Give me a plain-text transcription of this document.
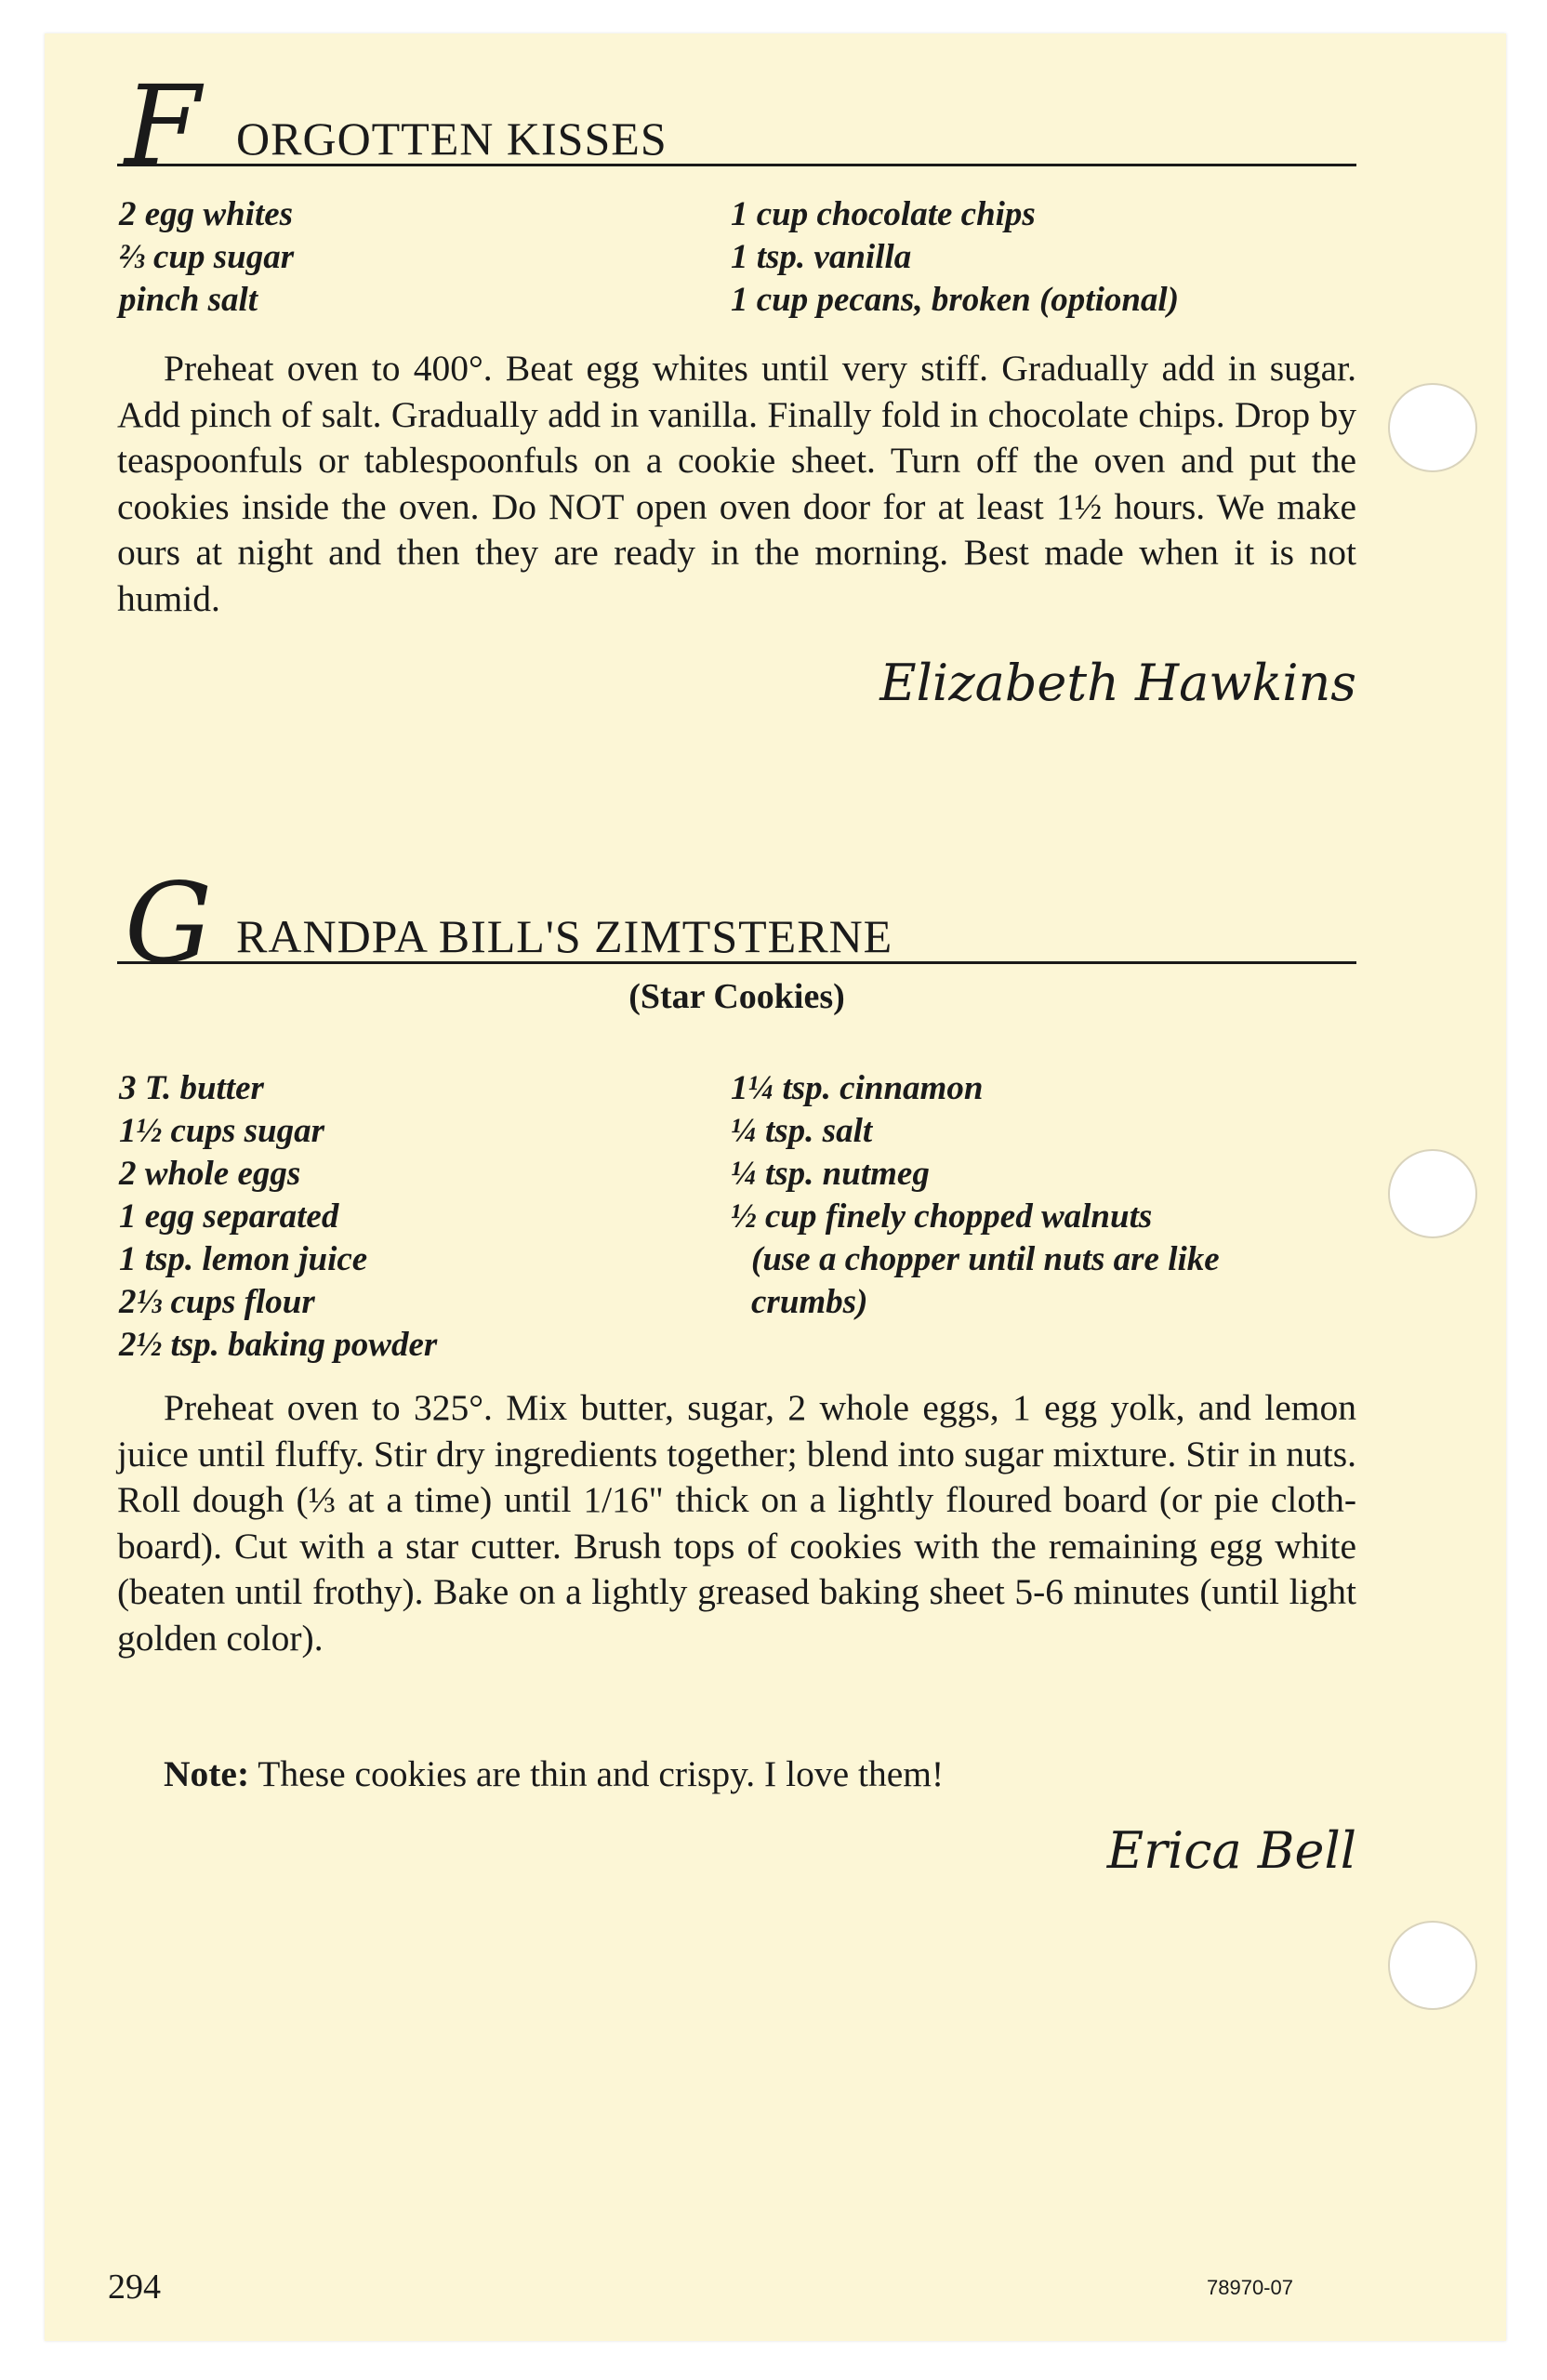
F ORGOTTEN KISSES
2 egg whites
⅔ cup sugar
pinch salt
1 cup chocolate chips
1 tsp. vanilla
1 cup pecans, broken (optional)

Preheat oven to 400°. Beat egg whites until very stiff. Gradually add in sugar. Add pinch of salt. Gradually add in vanilla. Finally fold in chocolate chips. Drop by teaspoonfuls or tablespoonfuls on a cookie sheet. Turn off the oven and put the cookies inside the oven. Do NOT open oven door for at least 1½ hours. We make ours at night and then they are ready in the morning. Best made when it is not humid.

Elizabeth Hawkins
G RANDPA BILL'S ZIMTSTERNE
(Star Cookies)
3 T. butter
1½ cups sugar
2 whole eggs
1 egg separated
1 tsp. lemon juice
2⅓ cups flour
2½ tsp. baking powder
1¼ tsp. cinnamon
¼ tsp. salt
¼ tsp. nutmeg
½ cup finely chopped walnuts
(use a chopper until nuts are like
crumbs)

Preheat oven to 325°. Mix butter, sugar, 2 whole eggs, 1 egg yolk, and lemon juice until fluffy. Stir dry ingredients together; blend into sugar mixture. Stir in nuts. Roll dough (⅓ at a time) until 1/16" thick on a lightly floured board (or pie cloth-board). Cut with a star cutter. Brush tops of cookies with the remaining egg white (beaten until frothy). Bake on a lightly greased baking sheet 5-6 minutes (until light golden color).

Note: These cookies are thin and crispy. I love them!

Erica Bell
294	78970-07
